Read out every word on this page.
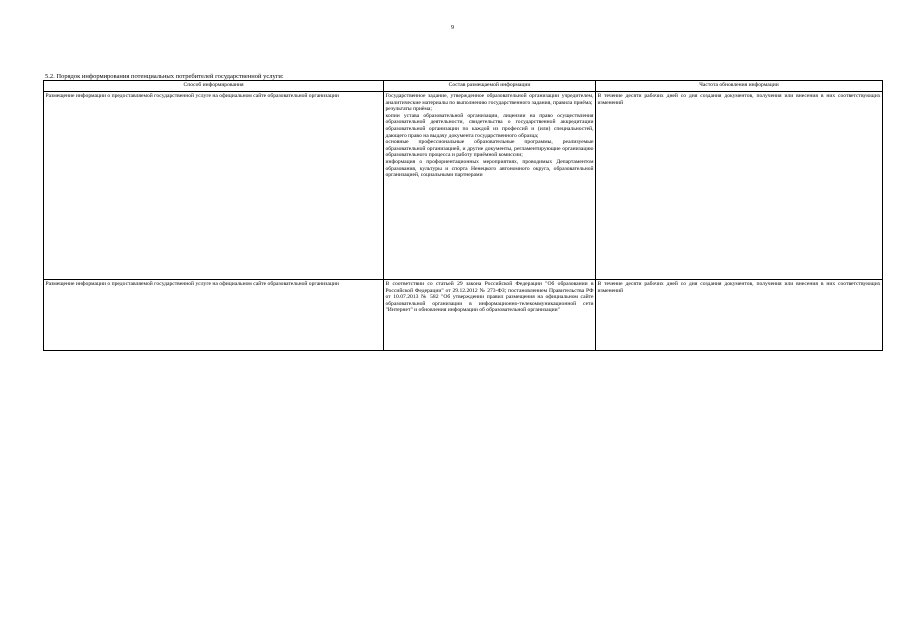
9
5.2. Порядок информирования потенциальных потребителей государственной услуги:
Способ информирования	Состав размещаемой информации	Частота обновления информации
Размещение информации о предоставляемой государственной услуге на официальном сайте образовательной организации	Государственное задание, утвержденное образовательной организации учредителем, аналитические материалы по выполнению государственного задания, правила приёма;
результаты приёма;
копии устава образовательной организации, лицензии на право осуществления образовательной деятельности, свидетельства о государственной аккредитации образовательной организации по каждой из профессий и (или) специальностей, дающего право на выдачу документа государственного образца;
основные профессиональные образовательные программы, реализуемые образовательной организацией, и другие документы, регламентирующие организацию образовательного процесса и работу приёмной комиссии;
информация о профориентационных мероприятиях, проводимых Департаментом образования, культуры и спорта Ненецкого автономного округа, образовательной организацией, социальными партнерами	В течение десяти рабочих дней со дня создания документов, получения или внесения в них соответствующих изменений
Размещение информации о предоставляемой государственной услуге на официальном сайте образовательной организации	В соответствии со статьей 29 закона Российской Федерации "Об образовании в Российской Федерации" от 29.12.2012 № 273-ФЗ; постановлением Правительства РФ от 10.07.2013 № 582 "Об утверждении правил размещения на официальном сайте образовательной организации в информационно-телекоммуникационной сети "Интернет" и обновления информации об образовательной организации"	В течение десяти рабочих дней со дня создания документов, получения или внесения в них соответствующих изменений
